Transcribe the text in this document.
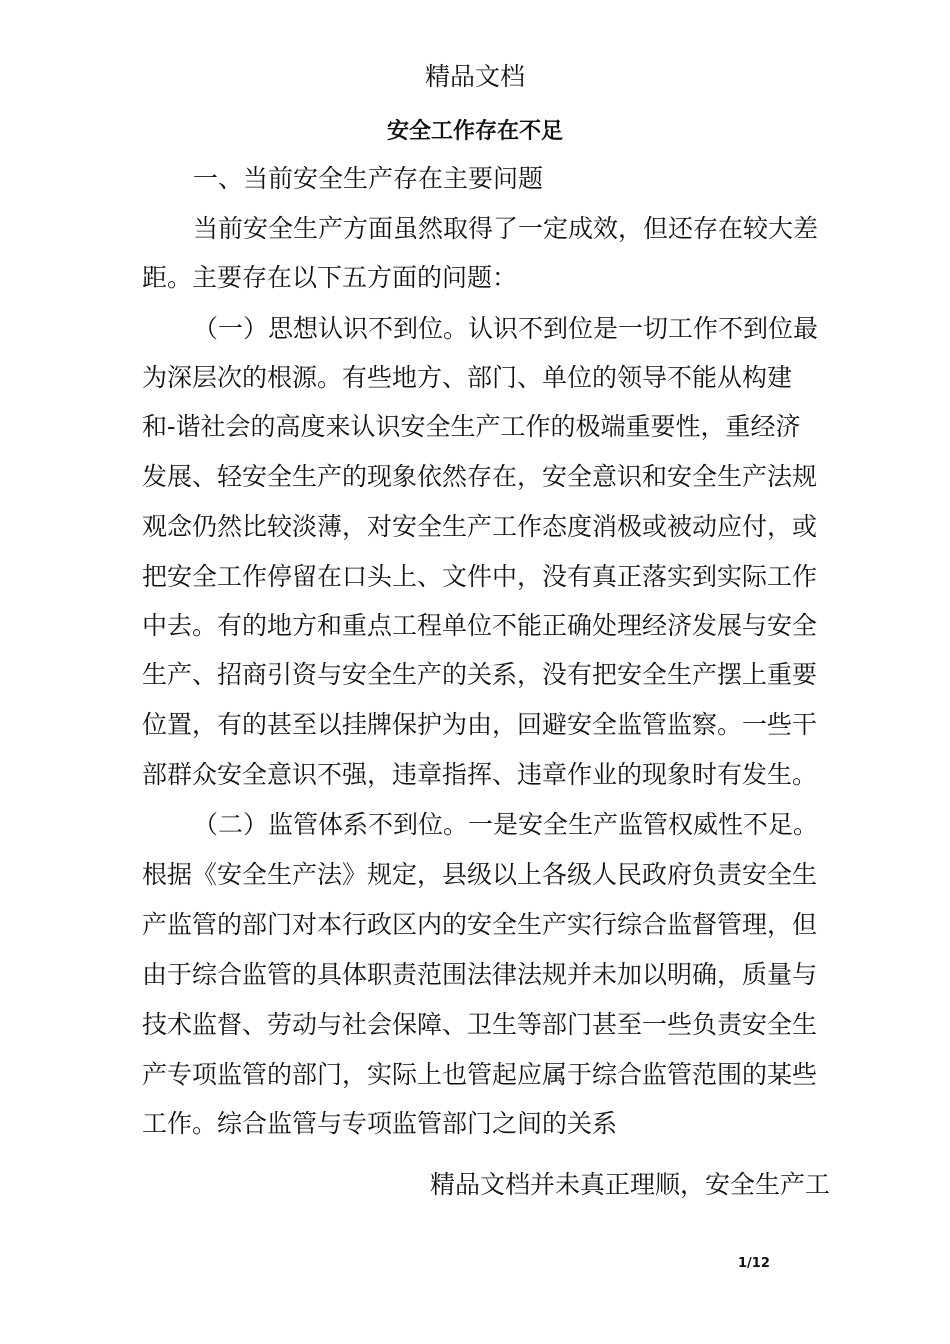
精品文档
安全工作存在不足
一、当前安全生产存在主要问题
当前安全生产方面虽然取得了一定成效，但还存在较大差
距。主要存在以下五方面的问题：
（一）思想认识不到位。认识不到位是一切工作不到位最
为深层次的根源。有些地方、部门、单位的领导不能从构建
和-谐社会的高度来认识安全生产工作的极端重要性，重经济
发展、轻安全生产的现象依然存在，安全意识和安全生产法规
观念仍然比较淡薄，对安全生产工作态度消极或被动应付，或
把安全工作停留在口头上、文件中，没有真正落实到实际工作
中去。有的地方和重点工程单位不能正确处理经济发展与安全
生产、招商引资与安全生产的关系，没有把安全生产摆上重要
位置，有的甚至以挂牌保护为由，回避安全监管监察。一些干
部群众安全意识不强，违章指挥、违章作业的现象时有发生。
（二）监管体系不到位。一是安全生产监管权威性不足。
根据《安全生产法》规定，县级以上各级人民政府负责安全生
产监管的部门对本行政区内的安全生产实行综合监督管理，但
由于综合监管的具体职责范围法律法规并未加以明确，质量与
技术监督、劳动与社会保障、卫生等部门甚至一些负责安全生
产专项监管的部门，实际上也管起应属于综合监管范围的某些
工作。综合监管与专项监管部门之间的关系
精品文档并未真正理顺，安全生产工
1/12
